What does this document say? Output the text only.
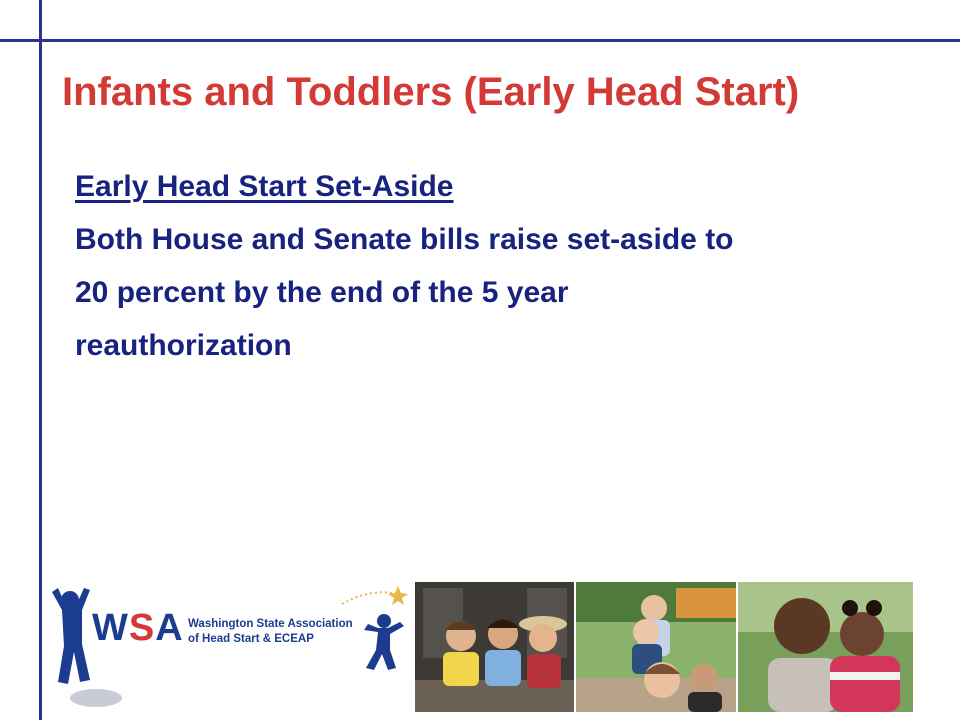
Infants and Toddlers (Early Head Start)
Early Head Start Set-Aside
Both House and Senate bills raise set-aside to
20 percent by the end of the 5 year
reauthorization
WSA Washington State Association
of Head Start & ECEAP
